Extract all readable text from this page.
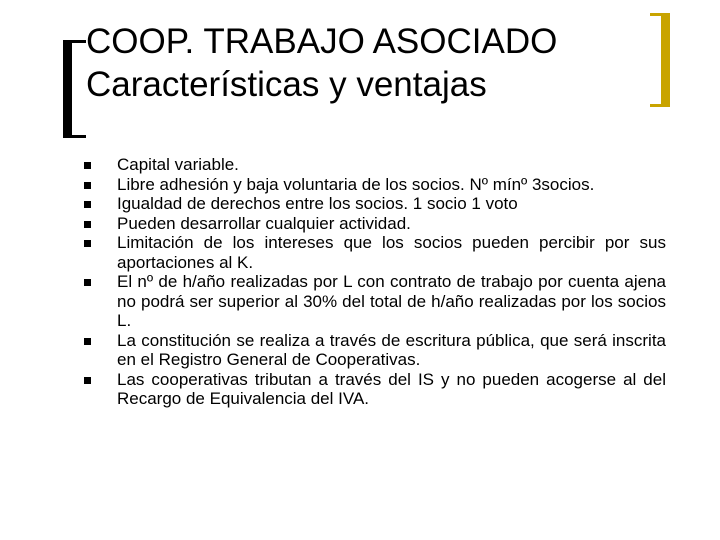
COOP. TRABAJO ASOCIADO
Características y ventajas
Capital variable.
Libre adhesión y baja voluntaria de los socios. Nº mínº 3socios.
Igualdad de derechos entre los socios. 1 socio 1 voto
Pueden desarrollar cualquier actividad.
Limitación de los intereses que los socios pueden percibir por sus aportaciones al K.
El nº de h/año realizadas por L con contrato de trabajo por cuenta ajena no podrá ser superior al 30% del total de h/año realizadas por los socios L.
La constitución se realiza a través de escritura pública, que será inscrita en el Registro General de Cooperativas.
Las cooperativas tributan a través del IS y no pueden acogerse al del Recargo de Equivalencia del IVA.
